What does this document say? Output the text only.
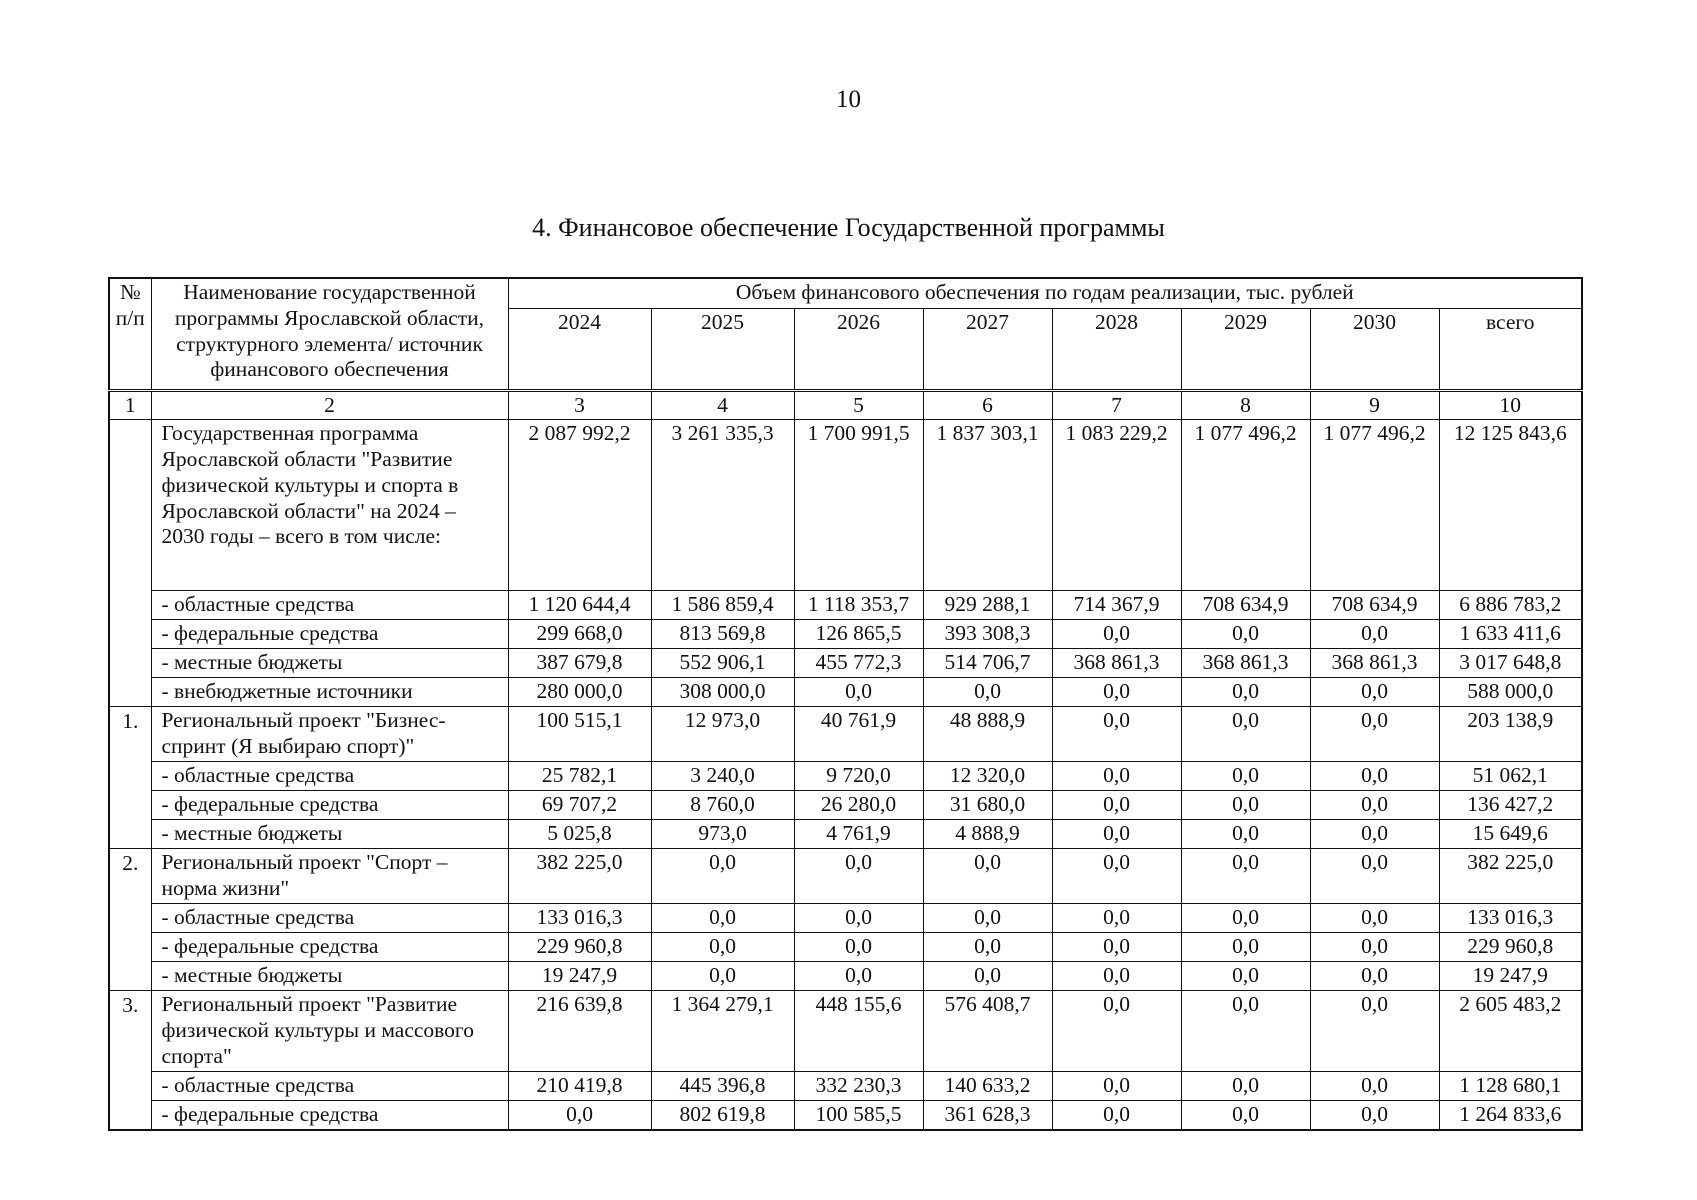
10
4. Финансовое обеспечение Государственной программы
№ п/п	Наименование государственной программы Ярославской области, структурного элемента/ источник финансового обеспечения	Объем финансового обеспечения по годам реализации, тыс. рублей							
		2024	2025	2026	2027	2028	2029	2030	всего
1	2	3	4	5	6	7	8	9	10
	Государственная программа Ярославской области "Развитие физической культуры и спорта в Ярославской области" на 2024 – 2030 годы – всего в том числе:	2 087 992,2	3 261 335,3	1 700 991,5	1 837 303,1	1 083 229,2	1 077 496,2	1 077 496,2	12 125 843,6
	- областные средства	1 120 644,4	1 586 859,4	1 118 353,7	929 288,1	714 367,9	708 634,9	708 634,9	6 886 783,2
	- федеральные средства	299 668,0	813 569,8	126 865,5	393 308,3	0,0	0,0	0,0	1 633 411,6
	- местные бюджеты	387 679,8	552 906,1	455 772,3	514 706,7	368 861,3	368 861,3	368 861,3	3 017 648,8
	- внебюджетные источники	280 000,0	308 000,0	0,0	0,0	0,0	0,0	0,0	588 000,0
1.	Региональный проект "Бизнес-спринт (Я выбираю спорт)"	100 515,1	12 973,0	40 761,9	48 888,9	0,0	0,0	0,0	203 138,9
	- областные средства	25 782,1	3 240,0	9 720,0	12 320,0	0,0	0,0	0,0	51 062,1
	- федеральные средства	69 707,2	8 760,0	26 280,0	31 680,0	0,0	0,0	0,0	136 427,2
	- местные бюджеты	5 025,8	973,0	4 761,9	4 888,9	0,0	0,0	0,0	15 649,6
2.	Региональный проект "Спорт – норма жизни"	382 225,0	0,0	0,0	0,0	0,0	0,0	0,0	382 225,0
	- областные средства	133 016,3	0,0	0,0	0,0	0,0	0,0	0,0	133 016,3
	- федеральные средства	229 960,8	0,0	0,0	0,0	0,0	0,0	0,0	229 960,8
	- местные бюджеты	19 247,9	0,0	0,0	0,0	0,0	0,0	0,0	19 247,9
3.	Региональный проект "Развитие физической культуры и массового спорта"	216 639,8	1 364 279,1	448 155,6	576 408,7	0,0	0,0	0,0	2 605 483,2
	- областные средства	210 419,8	445 396,8	332 230,3	140 633,2	0,0	0,0	0,0	1 128 680,1
	- федеральные средства	0,0	802 619,8	100 585,5	361 628,3	0,0	0,0	0,0	1 264 833,6
